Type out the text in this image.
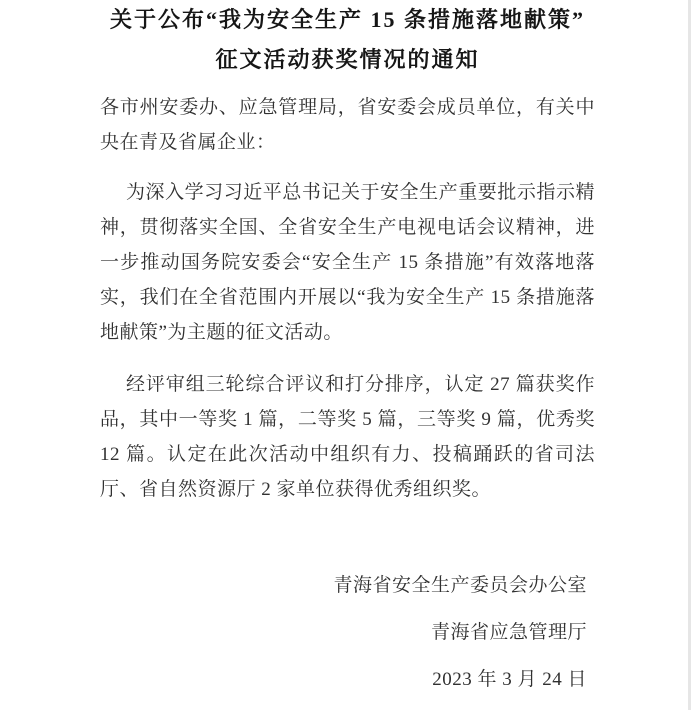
关于公布“我为安全生产 15 条措施落地献策”
征文活动获奖情况的通知
各市州安委办、应急管理局，省安委会成员单位，有关中央在青及省属企业：
为深入学习习近平总书记关于安全生产重要批示指示精神，贯彻落实全国、全省安全生产电视电话会议精神，进一步推动国务院安委会“安全生产 15 条措施”有效落地落实，我们在全省范围内开展以“我为安全生产 15 条措施落地献策”为主题的征文活动。
经评审组三轮综合评议和打分排序，认定 27 篇获奖作品，其中一等奖 1 篇，二等奖 5 篇，三等奖 9 篇，优秀奖 12 篇。认定在此次活动中组织有力、投稿踊跃的省司法厅、省自然资源厅 2 家单位获得优秀组织奖。
青海省安全生产委员会办公室
青海省应急管理厅
2023 年 3 月 24 日
